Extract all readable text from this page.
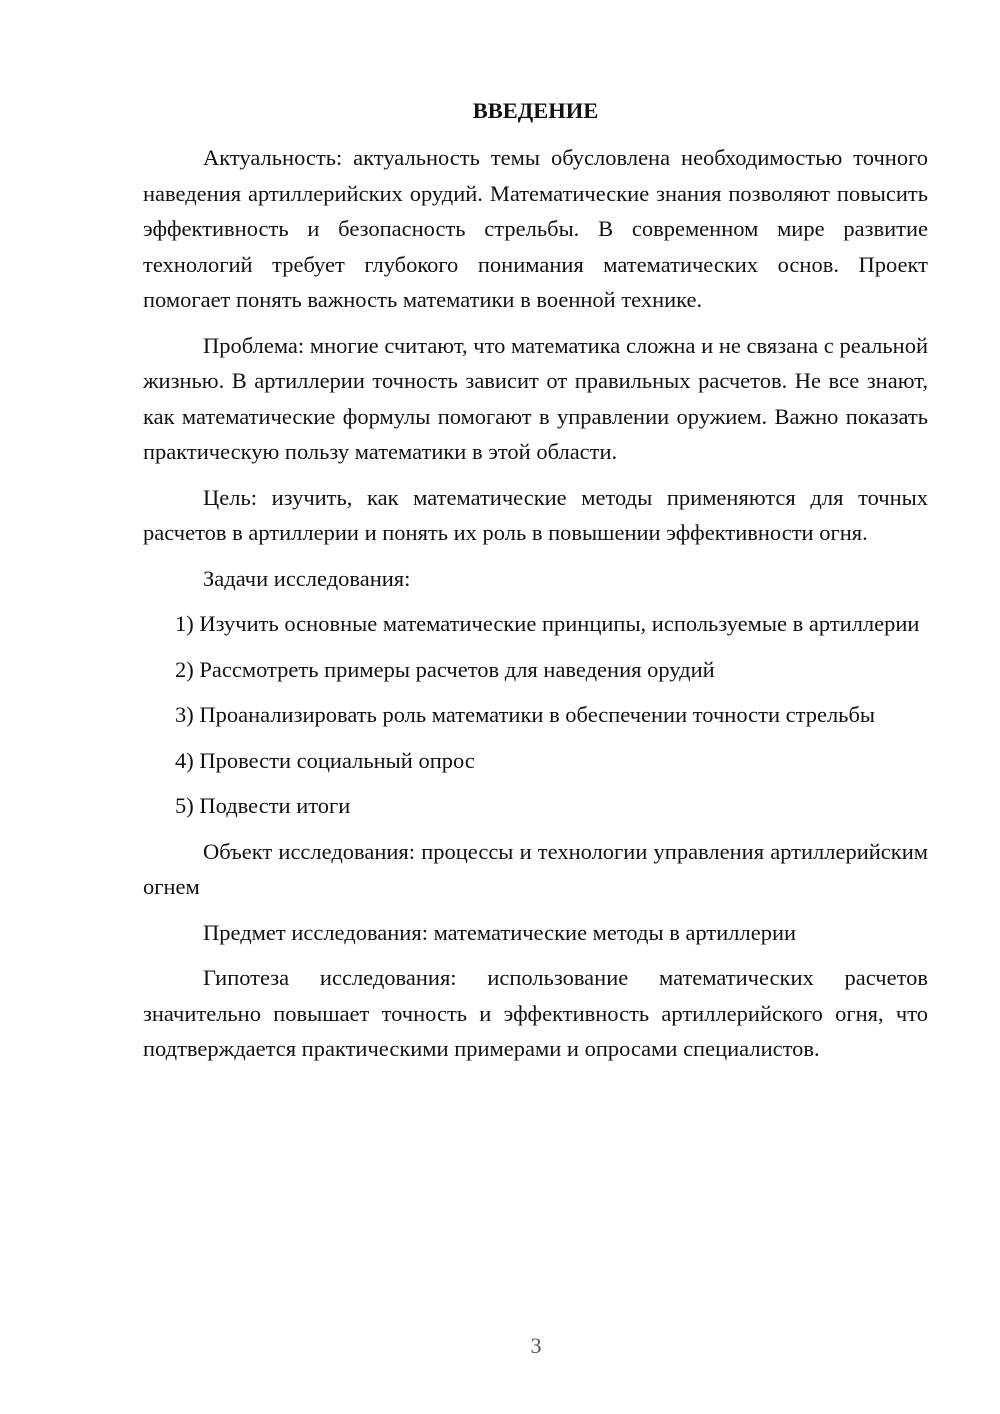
ВВЕДЕНИЕ

Актуальность: актуальность темы обусловлена необходимостью точного наведения артиллерийских орудий. Математические знания позволяют повысить эффективность и безопасность стрельбы. В современном мире развитие технологий требует глубокого понимания математических основ. Проект помогает понять важность математики в военной технике.

Проблема: многие считают, что математика сложна и не связана с реальной жизнью. В артиллерии точность зависит от правильных расчетов. Не все знают, как математические формулы помогают в управлении оружием. Важно показать практическую пользу математики в этой области.

Цель: изучить, как математические методы применяются для точных расчетов в артиллерии и понять их роль в повышении эффективности огня.

Задачи исследования:

1) Изучить основные математические принципы, используемые в артиллерии

2) Рассмотреть примеры расчетов для наведения орудий

3) Проанализировать роль математики в обеспечении точности стрельбы

4) Провести социальный опрос

5) Подвести итоги

Объект исследования: процессы и технологии управления артиллерийским огнем

Предмет исследования: математические методы в артиллерии

Гипотеза исследования: использование математических расчетов значительно повышает точность и эффективность артиллерийского огня, что подтверждается практическими примерами и опросами специалистов.

3
